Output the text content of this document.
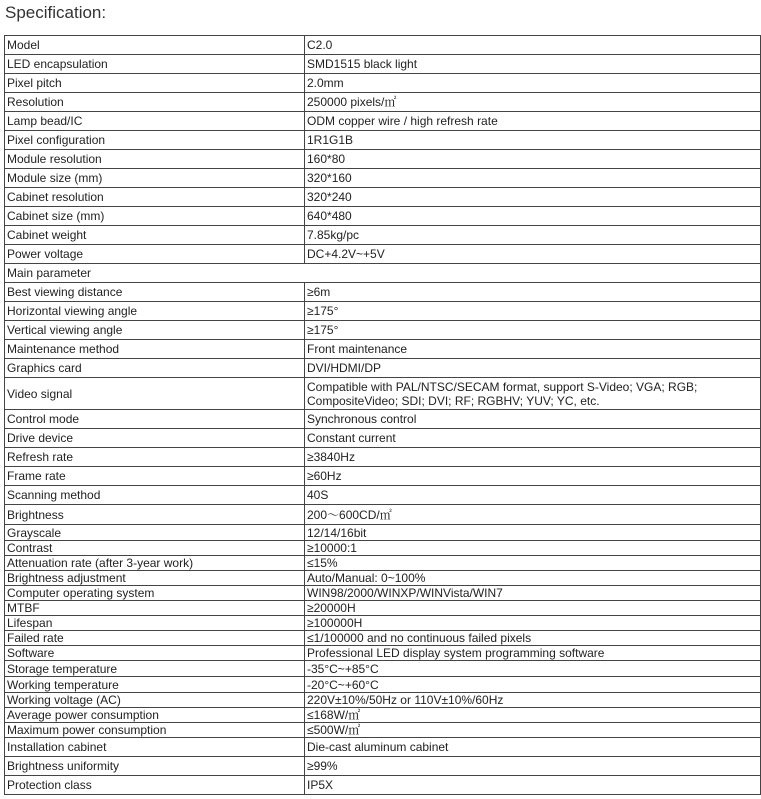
Specification:
Model	C2.0
LED encapsulation	SMD1515 black light
Pixel pitch	2.0mm
Resolution	250000 pixels/㎡
Lamp bead/IC	ODM copper wire / high refresh rate
Pixel configuration	1R1G1B
Module resolution	160*80
Module size (mm)	320*160
Cabinet resolution	320*240
Cabinet size (mm)	640*480
Cabinet weight	7.85kg/pc
Power voltage	DC+4.2V~+5V
Main parameter	
Best viewing distance	≥6m
Horizontal viewing angle	≥175°
Vertical viewing angle	≥175°
Maintenance method	Front maintenance
Graphics card	DVI/HDMI/DP
Video signal	Compatible with PAL/NTSC/SECAM format, support S-Video; VGA; RGB; CompositeVideo; SDI; DVI; RF; RGBHV; YUV; YC, etc.
Control mode	Synchronous control
Drive device	Constant current
Refresh rate	≥3840Hz
Frame rate	≥60Hz
Scanning method	40S
Brightness	200～600CD/㎡
Grayscale	12/14/16bit
Contrast	≥10000:1
Attenuation rate (after 3-year work)	≤15%
Brightness adjustment	Auto/Manual: 0~100%
Computer operating system	WIN98/2000/WINXP/WINVista/WIN7
MTBF	≥20000H
Lifespan	≥100000H
Failed rate	≤1/100000 and no continuous failed pixels
Software	Professional LED display system programming software
Storage temperature	-35°C~+85°C
Working temperature	-20°C~+60°C
Working voltage (AC)	220V±10%/50Hz or 110V±10%/60Hz
Average power consumption	≤168W/㎡
Maximum power consumption	≤500W/㎡
Installation cabinet	Die-cast aluminum cabinet
Brightness uniformity	≥99%
Protection class	IP5X
